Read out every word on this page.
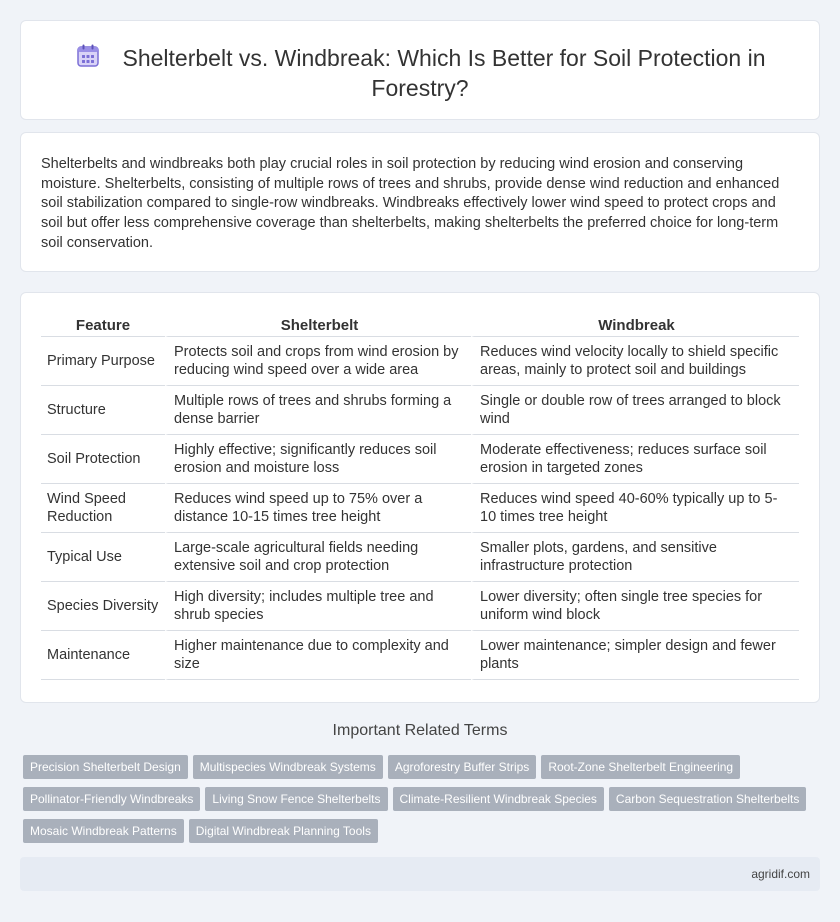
Shelterbelt vs. Windbreak: Which Is Better for Soil Protection in Forestry?

Shelterbelts and windbreaks both play crucial roles in soil protection by reducing wind erosion and conserving moisture. Shelterbelts, consisting of multiple rows of trees and shrubs, provide dense wind reduction and enhanced soil stabilization compared to single-row windbreaks. Windbreaks effectively lower wind speed to protect crops and soil but offer less comprehensive coverage than shelterbelts, making shelterbelts the preferred choice for long-term soil conservation.

Feature	Shelterbelt	Windbreak
Primary Purpose	Protects soil and crops from wind erosion by reducing wind speed over a wide area	Reduces wind velocity locally to shield specific areas, mainly to protect soil and buildings
Structure	Multiple rows of trees and shrubs forming a dense barrier	Single or double row of trees arranged to block wind
Soil Protection	Highly effective; significantly reduces soil erosion and moisture loss	Moderate effectiveness; reduces surface soil erosion in targeted zones
Wind Speed Reduction	Reduces wind speed up to 75% over a distance 10-15 times tree height	Reduces wind speed 40-60% typically up to 5-10 times tree height
Typical Use	Large-scale agricultural fields needing extensive soil and crop protection	Smaller plots, gardens, and sensitive infrastructure protection
Species Diversity	High diversity; includes multiple tree and shrub species	Lower diversity; often single tree species for uniform wind block
Maintenance	Higher maintenance due to complexity and size	Lower maintenance; simpler design and fewer plants
Important Related Terms
Precision Shelterbelt Design Multispecies Windbreak Systems Agroforestry Buffer Strips Root-Zone Shelterbelt Engineering
Pollinator-Friendly Windbreaks Living Snow Fence Shelterbelts Climate-Resilient Windbreak Species Carbon Sequestration Shelterbelts
Mosaic Windbreak Patterns Digital Windbreak Planning Tools
agridif.com
